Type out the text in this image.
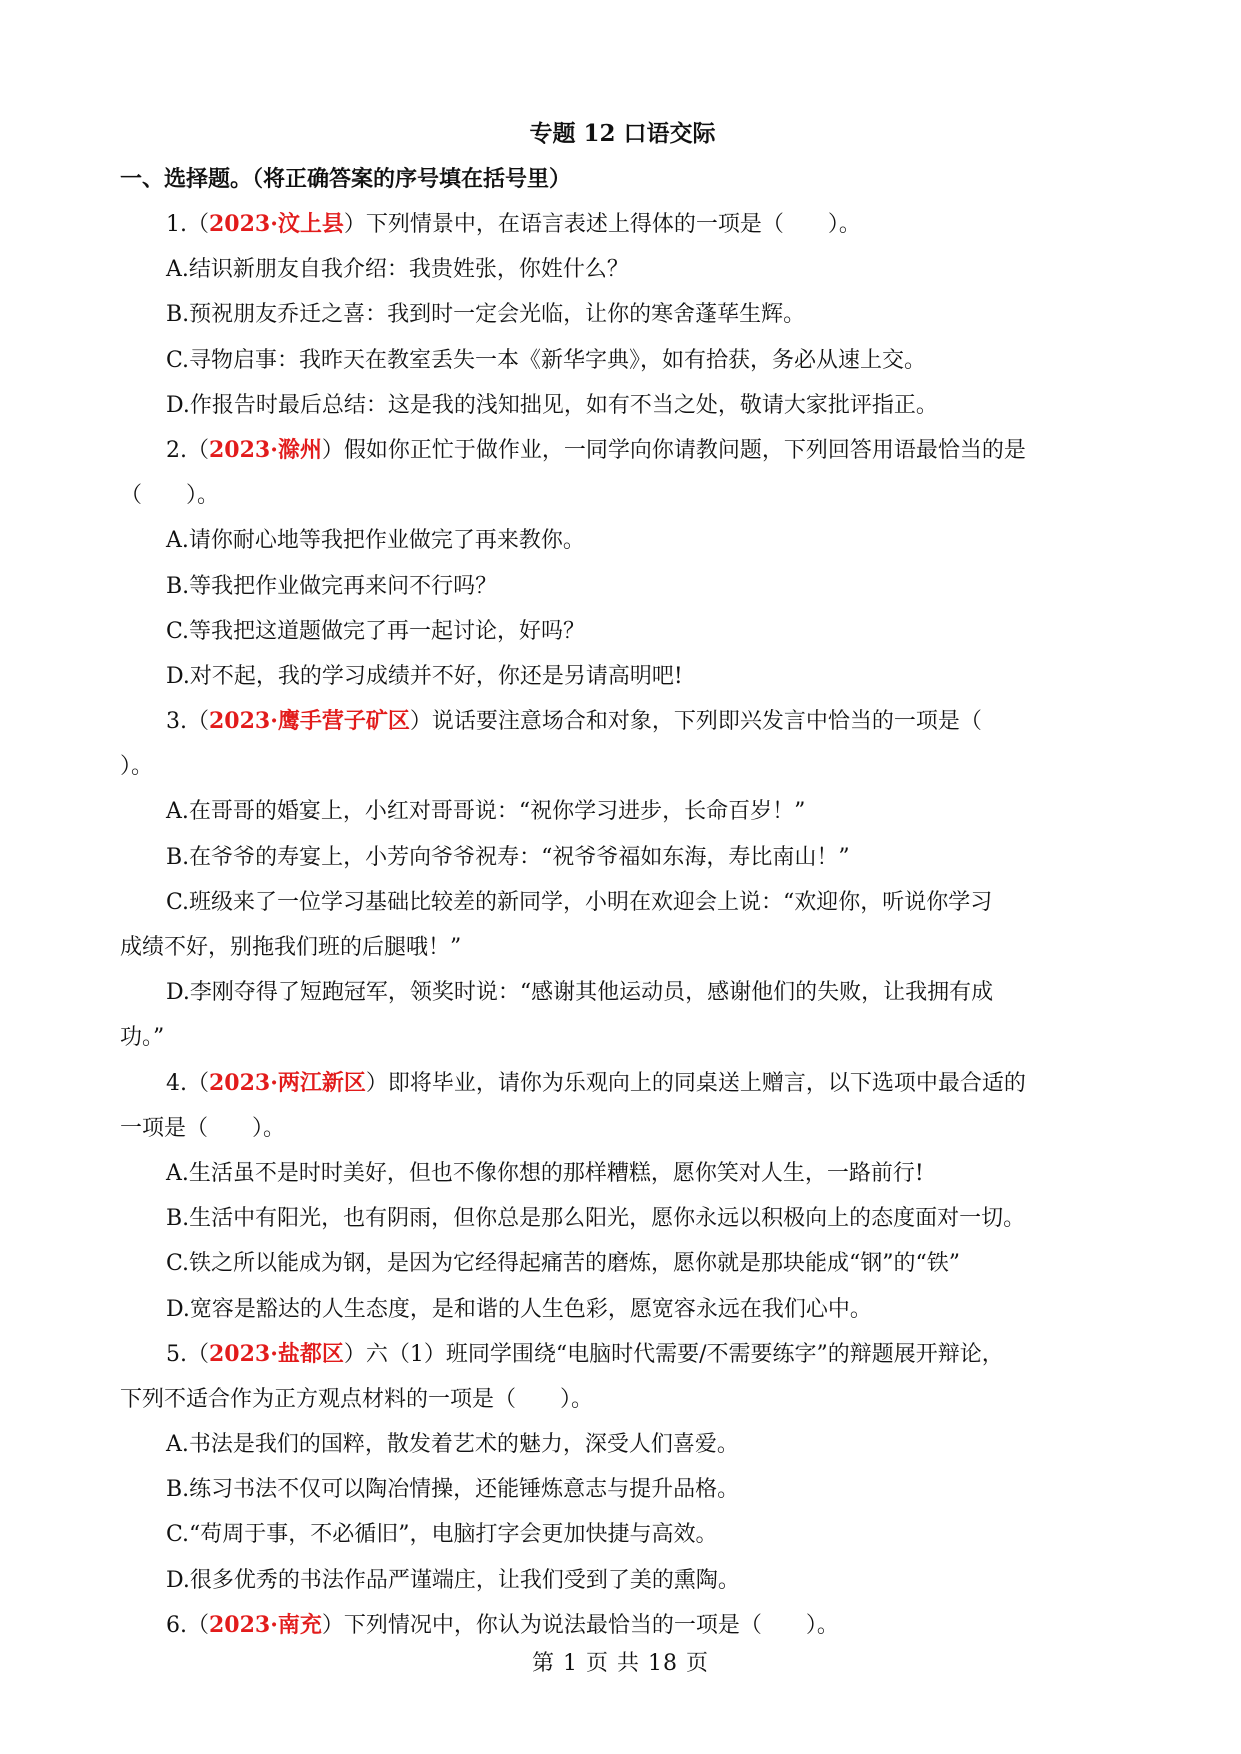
专题 12 口语交际
一、选择题。（将正确答案的序号填在括号里）
1.（2023·汶上县）下列情景中，在语言表述上得体的一项是（　　）。
A.结识新朋友自我介绍：我贵姓张，你姓什么？
B.预祝朋友乔迁之喜：我到时一定会光临，让你的寒舍蓬荜生辉。
C.寻物启事：我昨天在教室丢失一本《新华字典》，如有拾获，务必从速上交。
D.作报告时最后总结：这是我的浅知拙见，如有不当之处，敬请大家批评指正。
2.（2023·滁州）假如你正忙于做作业，一同学向你请教问题，下列回答用语最恰当的是
（　　）。
A.请你耐心地等我把作业做完了再来教你。
B.等我把作业做完再来问不行吗？
C.等我把这道题做完了再一起讨论，好吗？
D.对不起，我的学习成绩并不好，你还是另请高明吧!
3.（2023·鹰手营子矿区）说话要注意场合和对象，下列即兴发言中恰当的一项是（
）。
A.在哥哥的婚宴上，小红对哥哥说：“祝你学习进步，长命百岁！”
B.在爷爷的寿宴上，小芳向爷爷祝寿：“祝爷爷福如东海，寿比南山！”
C.班级来了一位学习基础比较差的新同学，小明在欢迎会上说：“欢迎你，听说你学习
成绩不好，别拖我们班的后腿哦！”
D.李刚夺得了短跑冠军，领奖时说：“感谢其他运动员，感谢他们的失败，让我拥有成
功。”
4.（2023·两江新区）即将毕业，请你为乐观向上的同桌送上赠言，以下选项中最合适的
一项是（　　）。
A.生活虽不是时时美好，但也不像你想的那样糟糕，愿你笑对人生，一路前行!
B.生活中有阳光，也有阴雨，但你总是那么阳光，愿你永远以积极向上的态度面对一切。
C.铁之所以能成为钢，是因为它经得起痛苦的磨炼，愿你就是那块能成“钢”的“铁”
D.宽容是豁达的人生态度，是和谐的人生色彩，愿宽容永远在我们心中。
5.（2023·盐都区）六（1）班同学围绕“电脑时代需要/不需要练字”的辩题展开辩论，
下列不适合作为正方观点材料的一项是（　　）。
A.书法是我们的国粹，散发着艺术的魅力，深受人们喜爱。
B.练习书法不仅可以陶冶情操，还能锤炼意志与提升品格。
C.“苟周于事，不必循旧”，电脑打字会更加快捷与高效。
D.很多优秀的书法作品严谨端庄，让我们受到了美的熏陶。
6.（2023·南充）下列情况中，你认为说法最恰当的一项是（　　）。
第 1 页 共 18 页
